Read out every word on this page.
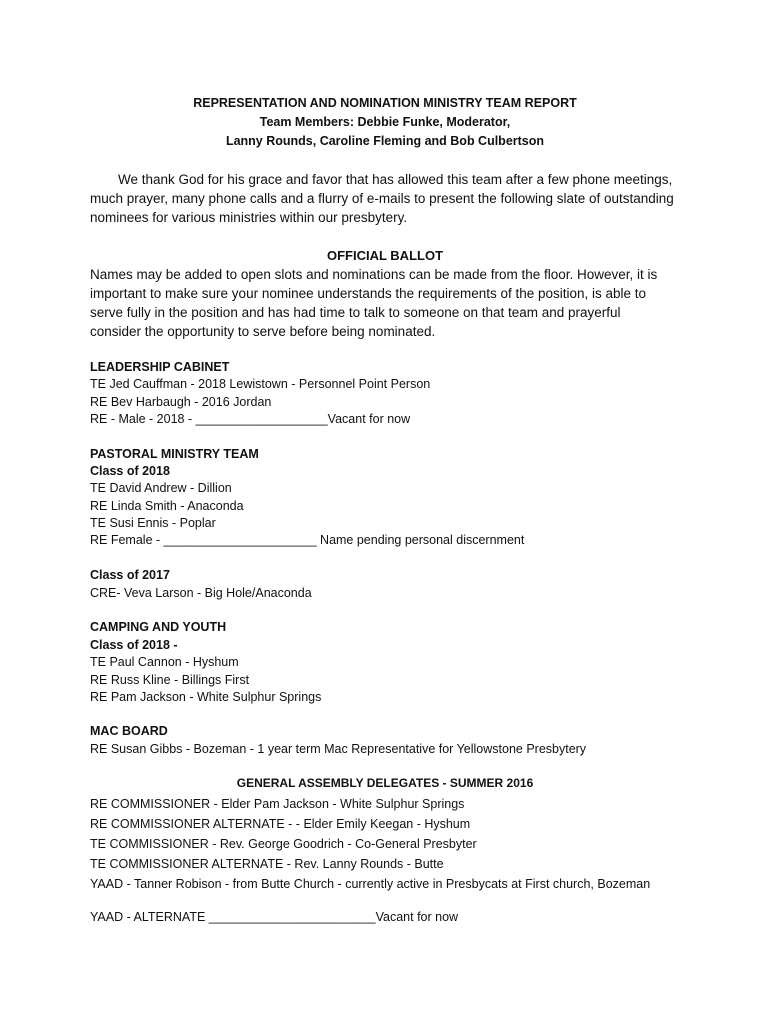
REPRESENTATION AND NOMINATION MINISTRY TEAM REPORT
Team Members: Debbie Funke, Moderator,
Lanny Rounds, Caroline Fleming and Bob Culbertson
We thank God for his grace and favor that has allowed this team after a few phone meetings, much prayer, many phone calls and a flurry of e-mails to present the following slate of outstanding nominees for various ministries within our presbytery.
OFFICIAL BALLOT
Names may be added to open slots and nominations can be made from the floor. However, it is important to make sure your nominee understands the requirements of the position, is able to serve fully in the position and has had time to talk to someone on that team and prayerful consider the opportunity to serve before being nominated.
LEADERSHIP CABINET
TE Jed Cauffman - 2018 Lewistown - Personnel Point Person
RE Bev Harbaugh - 2016 Jordan
RE - Male - 2018 - ___________________Vacant for now
PASTORAL MINISTRY TEAM
Class of 2018
TE David Andrew - Dillion
RE Linda Smith - Anaconda
TE Susi Ennis - Poplar
RE Female - ______________________ Name pending personal discernment
Class of 2017
CRE- Veva Larson - Big Hole/Anaconda
CAMPING AND YOUTH
Class of 2018 -
TE Paul Cannon - Hyshum
RE Russ Kline - Billings First
RE Pam Jackson - White Sulphur Springs
MAC BOARD
RE Susan Gibbs - Bozeman - 1 year term Mac Representative for Yellowstone Presbytery
GENERAL ASSEMBLY DELEGATES - SUMMER 2016
RE COMMISSIONER - Elder Pam Jackson - White Sulphur Springs
RE COMMISSIONER ALTERNATE - - Elder Emily Keegan - Hyshum
TE COMMISSIONER - Rev. George Goodrich - Co-General Presbyter
TE COMMISSIONER ALTERNATE - Rev. Lanny Rounds - Butte
YAAD - Tanner Robison - from Butte Church - currently active in Presbycats at First church, Bozeman
YAAD - ALTERNATE ________________________Vacant for now
